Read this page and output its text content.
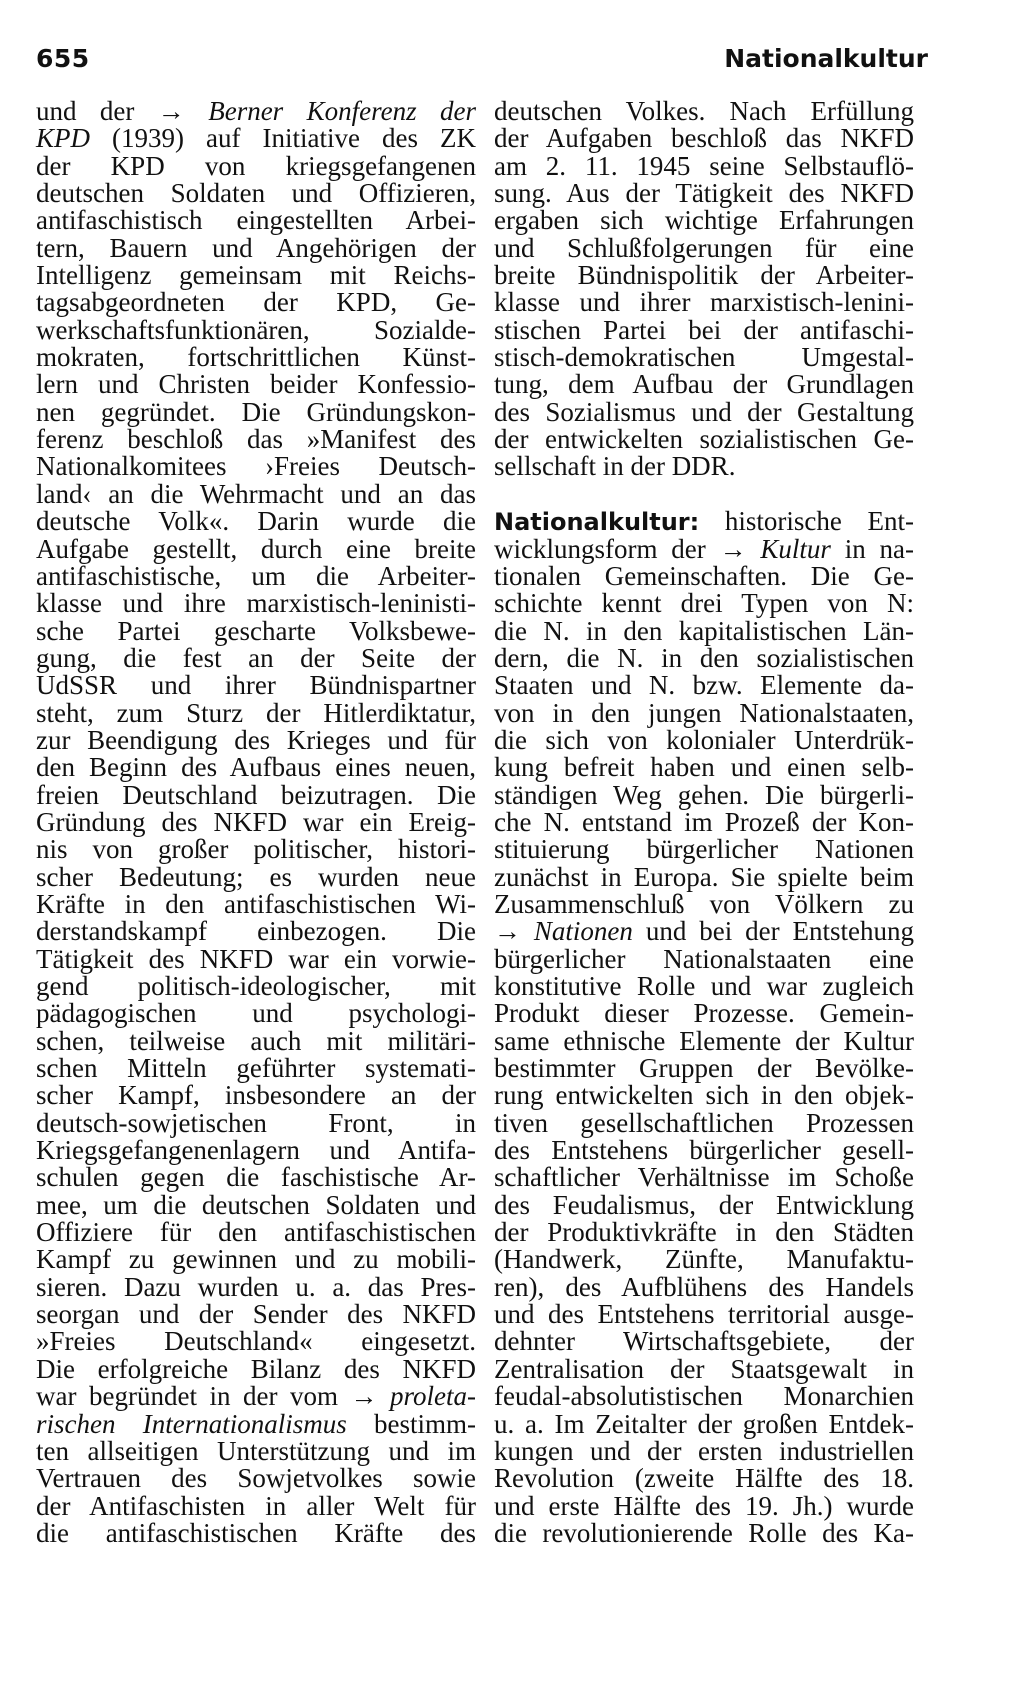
655	Nationalkultur
und der → Berner Konferenz der
KPD (1939) auf Initiative des ZK
der KPD von kriegsgefangenen
deutschen Soldaten und Offizieren,
antifaschistisch eingestellten Arbei-
tern, Bauern und Angehörigen der
Intelligenz gemeinsam mit Reichs-
tagsabgeordneten der KPD, Ge-
werkschaftsfunktionären, Sozialde-
mokraten, fortschrittlichen Künst-
lern und Christen beider Konfessio-
nen gegründet. Die Gründungskon-
ferenz beschloß das »Manifest des
Nationalkomitees ›Freies Deutsch-
land‹ an die Wehrmacht und an das
deutsche Volk«. Darin wurde die
Aufgabe gestellt, durch eine breite
antifaschistische, um die Arbeiter-
klasse und ihre marxistisch-leninisti-
sche Partei gescharte Volksbewe-
gung, die fest an der Seite der
UdSSR und ihrer Bündnispartner
steht, zum Sturz der Hitlerdiktatur,
zur Beendigung des Krieges und für
den Beginn des Aufbaus eines neuen,
freien Deutschland beizutragen. Die
Gründung des NKFD war ein Ereig-
nis von großer politischer, histori-
scher Bedeutung; es wurden neue
Kräfte in den antifaschistischen Wi-
derstandskampf einbezogen. Die
Tätigkeit des NKFD war ein vorwie-
gend politisch-ideologischer, mit
pädagogischen und psychologi-
schen, teilweise auch mit militäri-
schen Mitteln geführter systemati-
scher Kampf, insbesondere an der
deutsch-sowjetischen Front, in
Kriegsgefangenenlagern und Antifa-
schulen gegen die faschistische Ar-
mee, um die deutschen Soldaten und
Offiziere für den antifaschistischen
Kampf zu gewinnen und zu mobili-
sieren. Dazu wurden u. a. das Pres-
seorgan und der Sender des NKFD
»Freies Deutschland« eingesetzt.
Die erfolgreiche Bilanz des NKFD
war begründet in der vom → proleta-
rischen Internationalismus bestimm-
ten allseitigen Unterstützung und im
Vertrauen des Sowjetvolkes sowie
der Antifaschisten in aller Welt für
die antifaschistischen Kräfte des
deutschen Volkes. Nach Erfüllung
der Aufgaben beschloß das NKFD
am 2. 11. 1945 seine Selbstauflö-
sung. Aus der Tätigkeit des NKFD
ergaben sich wichtige Erfahrungen
und Schlußfolgerungen für eine
breite Bündnispolitik der Arbeiter-
klasse und ihrer marxistisch-lenini-
stischen Partei bei der antifaschi-
stisch-demokratischen Umgestal-
tung, dem Aufbau der Grundlagen
des Sozialismus und der Gestaltung
der entwickelten sozialistischen Ge-
sellschaft in der DDR.
Nationalkultur: historische Ent-
wicklungsform der → Kultur in na-
tionalen Gemeinschaften. Die Ge-
schichte kennt drei Typen von N:
die N. in den kapitalistischen Län-
dern, die N. in den sozialistischen
Staaten und N. bzw. Elemente da-
von in den jungen Nationalstaaten,
die sich von kolonialer Unterdrük-
kung befreit haben und einen selb-
ständigen Weg gehen. Die bürgerli-
che N. entstand im Prozeß der Kon-
stituierung bürgerlicher Nationen
zunächst in Europa. Sie spielte beim
Zusammenschluß von Völkern zu
→ Nationen und bei der Entstehung
bürgerlicher Nationalstaaten eine
konstitutive Rolle und war zugleich
Produkt dieser Prozesse. Gemein-
same ethnische Elemente der Kultur
bestimmter Gruppen der Bevölke-
rung entwickelten sich in den objek-
tiven gesellschaftlichen Prozessen
des Entstehens bürgerlicher gesell-
schaftlicher Verhältnisse im Schoße
des Feudalismus, der Entwicklung
der Produktivkräfte in den Städten
(Handwerk, Zünfte, Manufaktu-
ren), des Aufblühens des Handels
und des Entstehens territorial ausge-
dehnter Wirtschaftsgebiete, der
Zentralisation der Staatsgewalt in
feudal-absolutistischen Monarchien
u. a. Im Zeitalter der großen Entdek-
kungen und der ersten industriellen
Revolution (zweite Hälfte des 18.
und erste Hälfte des 19. Jh.) wurde
die revolutionierende Rolle des Ka-
